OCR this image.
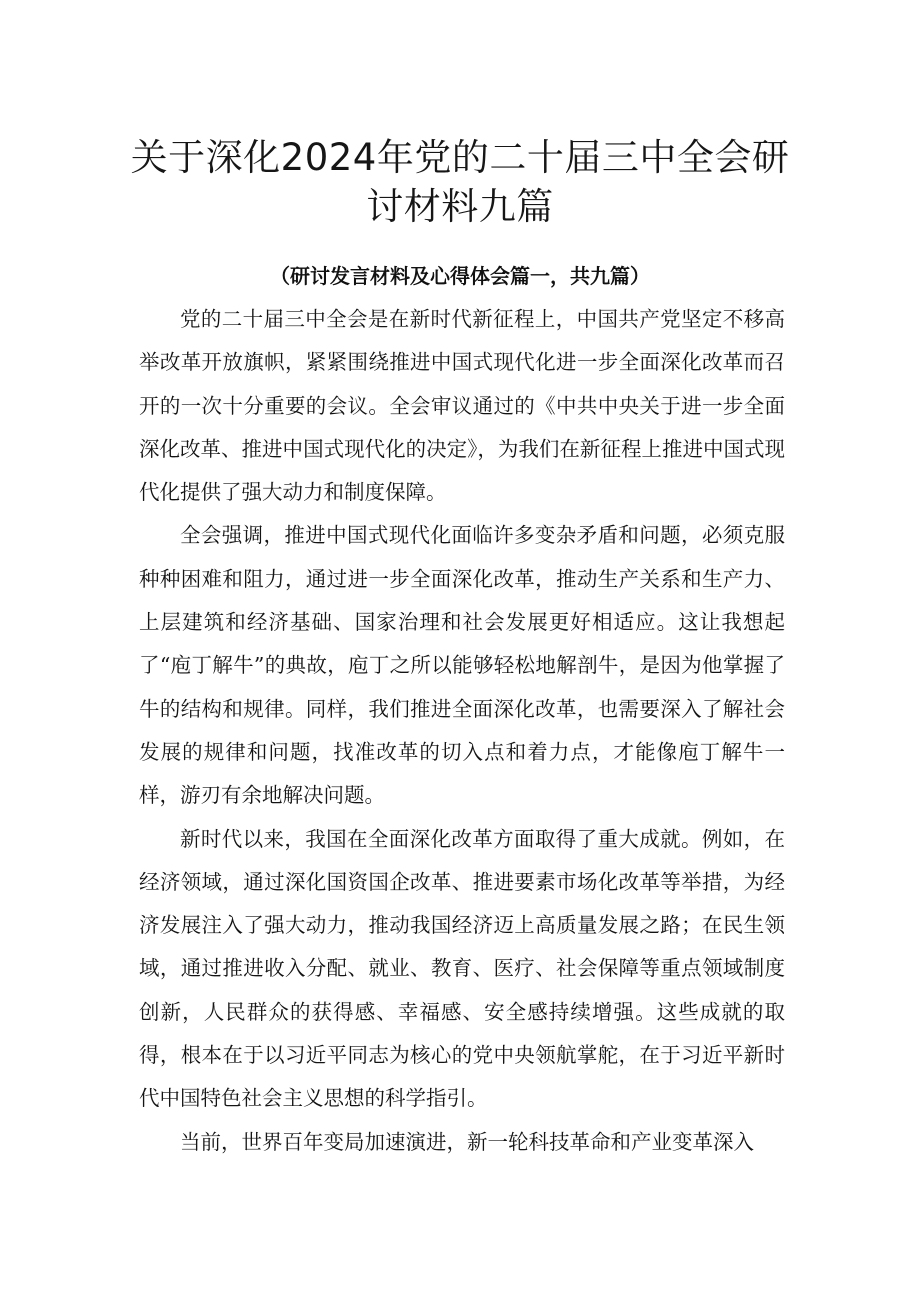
关于深化2024年党的二十届三中全会研讨材料九篇
（研讨发言材料及心得体会篇一，共九篇）

党的二十届三中全会是在新时代新征程上，中国共产党坚定不移高举改革开放旗帜，紧紧围绕推进中国式现代化进一步全面深化改革而召开的一次十分重要的会议。全会审议通过的《中共中央关于进一步全面深化改革、推进中国式现代化的决定》，为我们在新征程上推进中国式现代化提供了强大动力和制度保障。

全会强调，推进中国式现代化面临许多变杂矛盾和问题，必须克服种种困难和阻力，通过进一步全面深化改革，推动生产关系和生产力、上层建筑和经济基础、国家治理和社会发展更好相适应。这让我想起了“庖丁解牛”的典故，庖丁之所以能够轻松地解剖牛，是因为他掌握了牛的结构和规律。同样，我们推进全面深化改革，也需要深入了解社会发展的规律和问题，找准改革的切入点和着力点，才能像庖丁解牛一样，游刃有余地解决问题。

新时代以来，我国在全面深化改革方面取得了重大成就。例如，在经济领域，通过深化国资国企改革、推进要素市场化改革等举措，为经济发展注入了强大动力，推动我国经济迈上高质量发展之路；在民生领域，通过推进收入分配、就业、教育、医疗、社会保障等重点领域制度创新，人民群众的获得感、幸福感、安全感持续增强。这些成就的取得，根本在于以习近平同志为核心的党中央领航掌舵，在于习近平新时代中国特色社会主义思想的科学指引。

当前，世界百年变局加速演进，新一轮科技革命和产业变革深入
